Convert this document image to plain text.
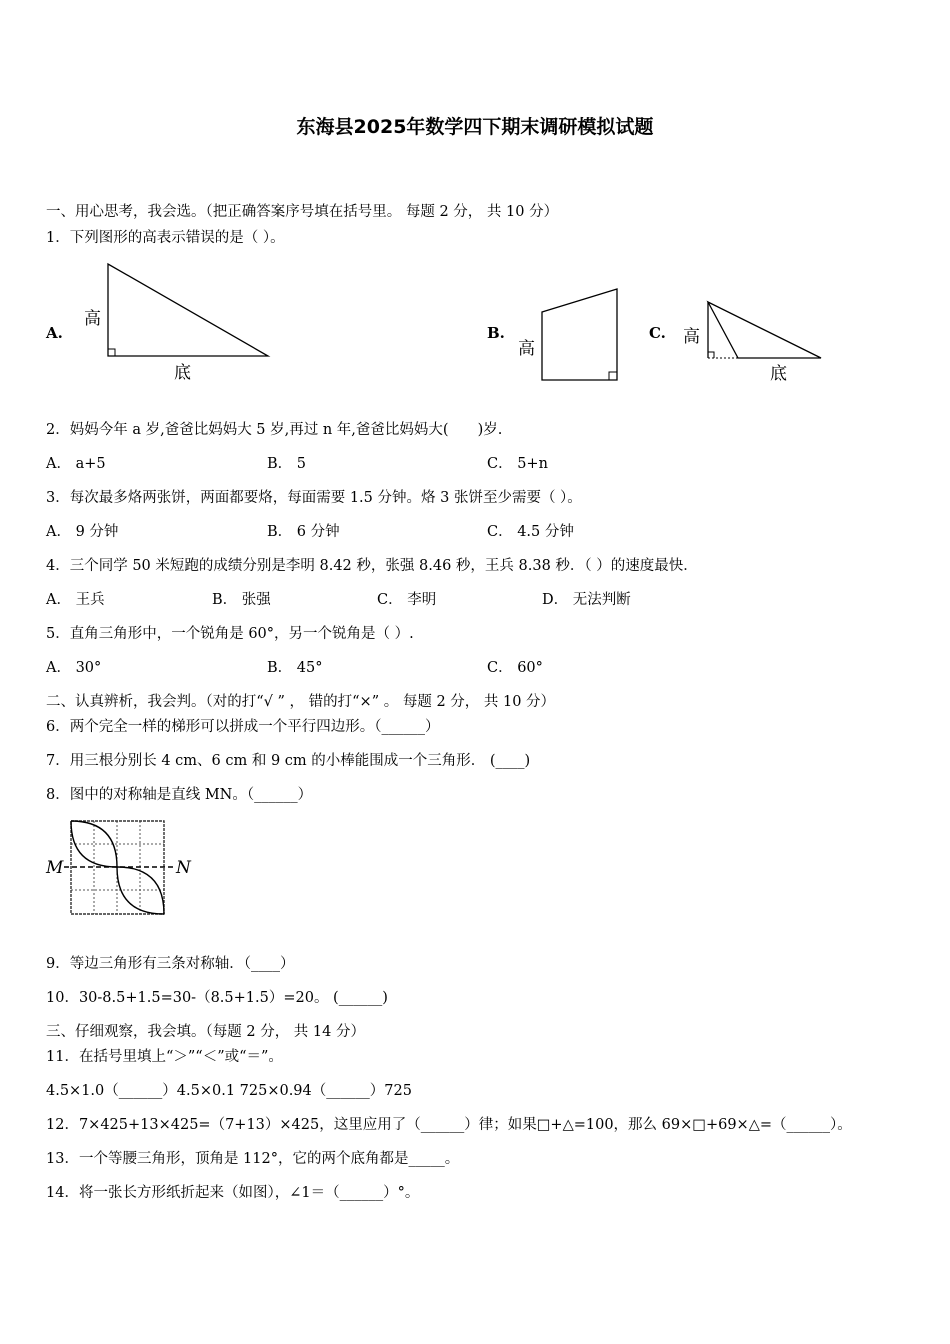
东海县2025年数学四下期末调研模拟试题
一、用心思考，我会选。（把正确答案序号填在括号里。 每题 2 分， 共 10 分）
1．下列图形的高表示错误的是（ ）。
A.
高
底
B.
高
C. 高
底
2．妈妈今年 a 岁,爸爸比妈妈大 5 岁,再过 n 年,爸爸比妈妈大(　　)岁.
A． a+5	B． 5	C． 5+n
3．每次最多烙两张饼，两面都要烙，每面需要 1.5 分钟。烙 3 张饼至少需要（ ）。
A． 9 分钟	B． 6 分钟	C． 4.5 分钟
4．三个同学 50 米短跑的成绩分别是李明 8.42 秒，张强 8.46 秒，王兵 8.38 秒．（ ）的速度最快．
A． 王兵	B． 张强	C． 李明	D． 无法判断
5．直角三角形中，一个锐角是 60°，另一个锐角是（ ）.
A． 30°	B． 45°	C． 60°
二、认真辨析，我会判。（对的打“√ ” ， 错的打“×” 。 每题 2 分， 共 10 分）
6．两个完全一样的梯形可以拼成一个平行四边形。（______）
7．用三根分别长 4 cm、6 cm 和 9 cm 的小棒能围成一个三角形． (____)
8．图中的对称轴是直线 MN。（______）
M	N
9．等边三角形有三条对称轴．（____）
10．30-8.5+1.5=30-（8.5+1.5）=20。 (______)
三、仔细观察，我会填。（每题 2 分， 共 14 分）
11．在括号里填上“＞”“＜”或“＝”。
4.5×1.0（______）4.5×0.1 725×0.94（______）725
12．7×425+13×425=（7+13）×425，这里应用了（______）律；如果□+△=100，那么 69×□+69×△=（______）。
13．一个等腰三角形，顶角是 112°，它的两个底角都是_____。
14．将一张长方形纸折起来（如图），∠1＝（______）°。
